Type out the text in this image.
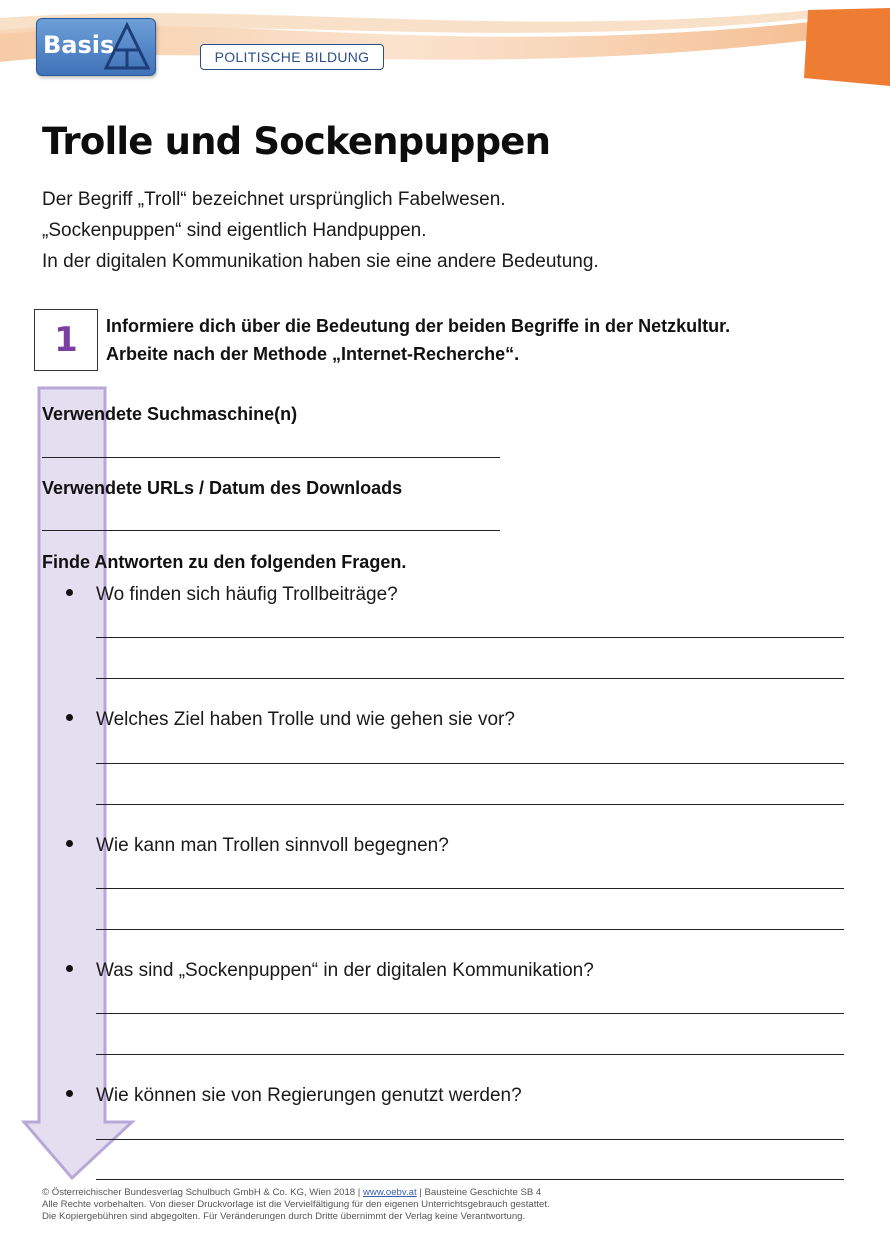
Basis	POLITISCHE BILDUNG
Trolle und Sockenpuppen
Der Begriff „Troll“ bezeichnet ursprünglich Fabelwesen.
„Sockenpuppen“ sind eigentlich Handpuppen.
In der digitalen Kommunikation haben sie eine andere Bedeutung.
1	Informiere dich über die Bedeutung der beiden Begriffe in der Netzkultur.
Arbeite nach der Methode „Internet-Recherche“.
Verwendete Suchmaschine(n)
Verwendete URLs / Datum des Downloads
Finde Antworten zu den folgenden Fragen.
Wo finden sich häufig Trollbeiträge?
Welches Ziel haben Trolle und wie gehen sie vor?
Wie kann man Trollen sinnvoll begegnen?
Was sind „Sockenpuppen“ in der digitalen Kommunikation?
Wie können sie von Regierungen genutzt werden?
© Österreichischer Bundesverlag Schulbuch GmbH & Co. KG, Wien 2018 | www.oebv.at | Bausteine Geschichte SB 4
Alle Rechte vorbehalten. Von dieser Druckvorlage ist die Vervielfältigung für den eigenen Unterrichtsgebrauch gestattet.
Die Kopiergebühren sind abgegolten. Für Veränderungen durch Dritte übernimmt der Verlag keine Verantwortung.
